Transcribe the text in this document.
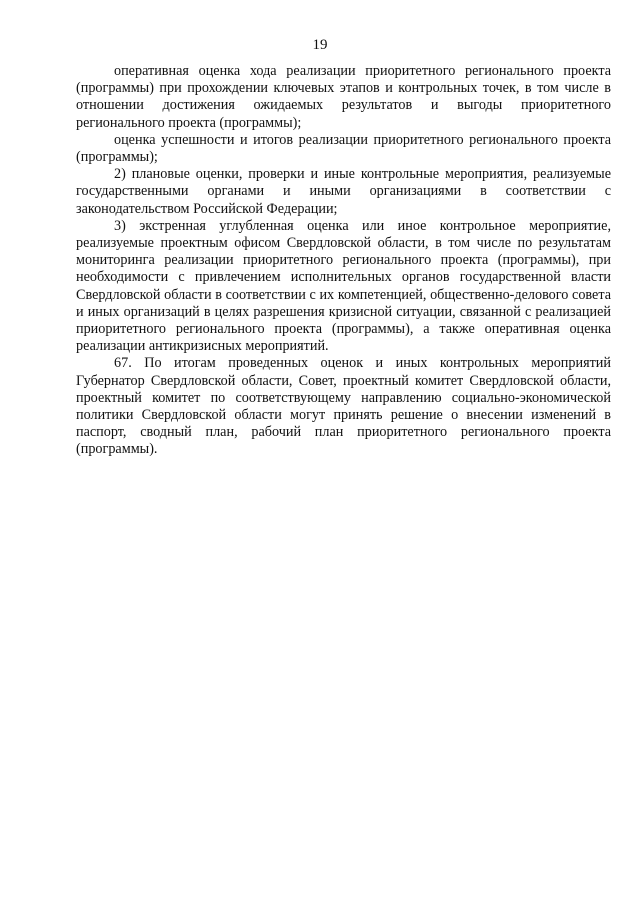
19

оперативная оценка хода реализации приоритетного регионального проекта (программы) при прохождении ключевых этапов и контрольных точек, в том числе в отношении достижения ожидаемых результатов и выгоды приоритетного регионального проекта (программы);

оценка успешности и итогов реализации приоритетного регионального проекта (программы);

2) плановые оценки, проверки и иные контрольные мероприятия, реализуемые государственными органами и иными организациями в соответствии с законодательством Российской Федерации;

3) экстренная углубленная оценка или иное контрольное мероприятие, реализуемые проектным офисом Свердловской области, в том числе по результатам мониторинга реализации приоритетного регионального проекта (программы), при необходимости с привлечением исполнительных органов государственной власти Свердловской области в соответствии с их компетенцией, общественно-делового совета и иных организаций в целях разрешения кризисной ситуации, связанной с реализацией приоритетного регионального проекта (программы), а также оперативная оценка реализации антикризисных мероприятий.

67. По итогам проведенных оценок и иных контрольных мероприятий Губернатор Свердловской области, Совет, проектный комитет Свердловской области, проектный комитет по соответствующему направлению социально-экономической политики Свердловской области могут принять решение о внесении изменений в паспорт, сводный план, рабочий план приоритетного регионального проекта (программы).
